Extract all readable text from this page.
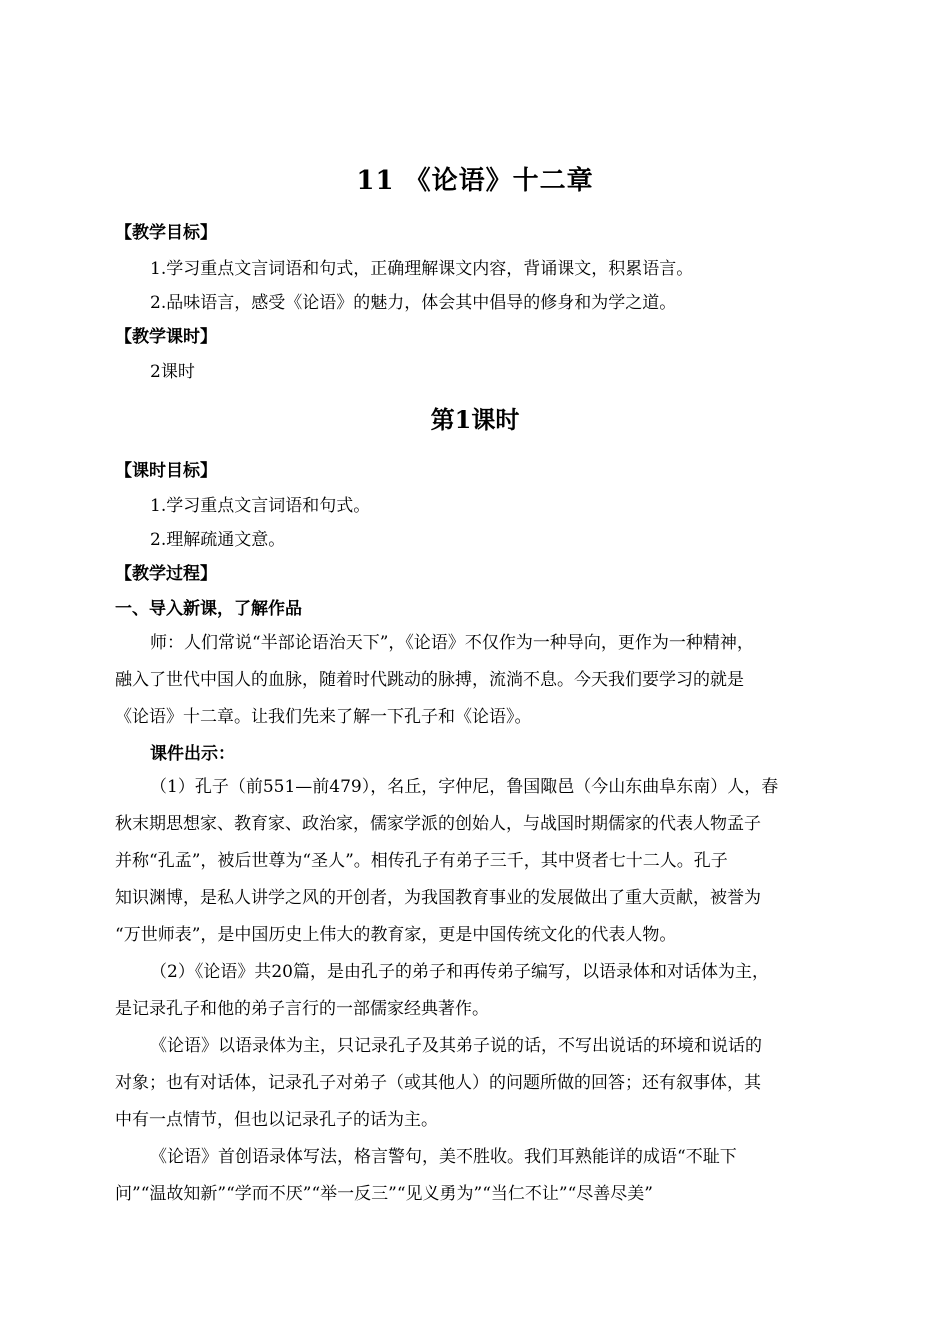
11 《论语》十二章
【教学目标】
1.学习重点文言词语和句式，正确理解课文内容，背诵课文，积累语言。
2.品味语言，感受《论语》的魅力，体会其中倡导的修身和为学之道。
【教学课时】
2课时
第1课时
【课时目标】
1.学习重点文言词语和句式。
2.理解疏通文意。
【教学过程】
一、导入新课，了解作品
师：人们常说“半部论语治天下”，《论语》不仅作为一种导向，更作为一种精神，
融入了世代中国人的血脉，随着时代跳动的脉搏，流淌不息。今天我们要学习的就是
《论语》十二章。让我们先来了解一下孔子和《论语》。
课件出示：
（1）孔子（前551—前479），名丘，字仲尼，鲁国陬邑（今山东曲阜东南）人，春
秋末期思想家、教育家、政治家，儒家学派的创始人，与战国时期儒家的代表人物孟子
并称“孔孟”，被后世尊为“圣人”。相传孔子有弟子三千，其中贤者七十二人。孔子
知识渊博，是私人讲学之风的开创者，为我国教育事业的发展做出了重大贡献，被誉为
“万世师表”，是中国历史上伟大的教育家，更是中国传统文化的代表人物。
（2）《论语》共20篇，是由孔子的弟子和再传弟子编写，以语录体和对话体为主，
是记录孔子和他的弟子言行的一部儒家经典著作。
《论语》以语录体为主，只记录孔子及其弟子说的话，不写出说话的环境和说话的
对象；也有对话体，记录孔子对弟子（或其他人）的问题所做的回答；还有叙事体，其
中有一点情节，但也以记录孔子的话为主。
《论语》首创语录体写法，格言警句，美不胜收。我们耳熟能详的成语“不耻下
问”“温故知新”“学而不厌”“举一反三”“见义勇为”“当仁不让”“尽善尽美”
